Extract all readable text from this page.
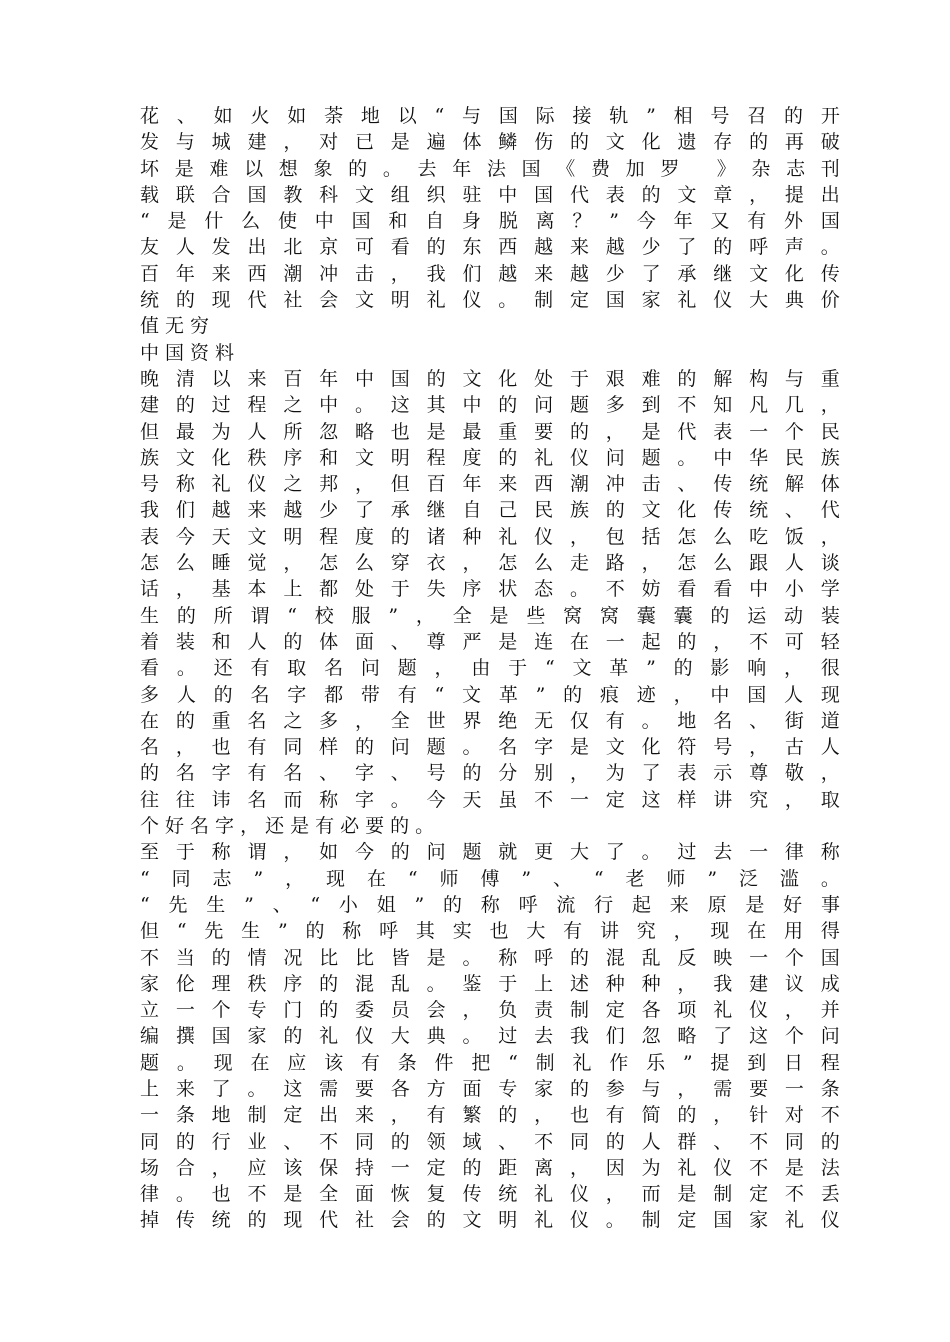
花 、 如 火 如 荼 地 以 “ 与 国 际 接 轨 ” 相 号 召 的 开
发 与 城 建 ， 对 已 是 遍 体 鳞 伤 的 文 化 遗 存 的 再 破
坏 是 难 以 想 象 的 。 去 年 法 国 《 费 加 罗
》 杂 志 刊
载 联 合 国 教 科 文 组 织 驻 中 国 代 表 的 文 章 ， 提 出
“ 是 什 么 使 中 国 和 自 身 脱 离 ？ ” 今 年 又 有 外 国
友 人 发 出 北 京 可 看 的 东 西 越 来 越 少 了 的 呼 声 。
百 年 来 西 潮 冲 击 ， 我 们 越 来 越 少 了 承 继 文 化 传
统 的 现 代 社 会 文 明 礼 仪 。 制 定 国 家 礼 仪 大 典 价
值 无 穷
中 国 资 料
晚 清 以 来 百 年 中 国 的 文 化 处 于 艰 难 的 解 构 与 重
建 的 过 程 之 中 。 这 其 中 的 问 题 多 到 不 知 凡 几 ，
但 最 为 人 所 忽 略 也 是 最 重 要 的 ， 是 代 表 一 个 民
族 文 化 秩 序 和 文 明 程 度 的 礼 仪 问 题 。 中 华 民 族
号 称 礼 仪 之 邦 ， 但 百 年 来 西 潮 冲 击 、 传 统 解 体
我 们 越 来 越 少 了 承 继 自 己 民 族 的 文 化 传 统 、 代
表 今 天 文 明 程 度 的 诸 种 礼 仪 ， 包 括 怎 么 吃 饭 ，
怎 么 睡 觉 ， 怎 么 穿 衣 ， 怎 么 走 路 ， 怎 么 跟 人 谈
话 ， 基 本 上 都 处 于 失 序 状 态 。 不 妨 看 看 中 小 学
生 的 所 谓 “ 校 服 ” ， 全 是 些 窝 窝 囊 囊 的 运 动 装
着 装 和 人 的 体 面 、 尊 严 是 连 在 一 起 的 ， 不 可 轻
看 。 还 有 取 名 问 题 ， 由 于 “ 文 革 ” 的 影 响 ， 很
多 人 的 名 字 都 带 有 “ 文 革 ” 的 痕 迹 ， 中 国 人 现
在 的 重 名 之 多 ， 全 世 界 绝 无 仅 有 。 地 名 、 街 道
名 ， 也 有 同 样 的 问 题 。 名 字 是 文 化 符 号 ， 古 人
的 名 字 有 名 、 字 、 号 的 分 别 ， 为 了 表 示 尊 敬 ，
往 往 讳 名 而 称 字 。 今 天 虽 不 一 定 这 样 讲 究 ， 取
个 好 名 字 ， 还 是 有 必 要 的 。
至 于 称 谓 ， 如 今 的 问 题 就 更 大 了 。 过 去 一 律 称
“ 同 志 ” ， 现 在 “ 师 傅 ” 、 “ 老 师 ” 泛 滥 。
“ 先 生 ” 、 “ 小 姐 ” 的 称 呼 流 行 起 来 原 是 好 事
但 “ 先 生 ” 的 称 呼 其 实 也 大 有 讲 究 ， 现 在 用 得
不 当 的 情 况 比 比 皆 是 。 称 呼 的 混 乱 反 映 一 个 国
家 伦 理 秩 序 的 混 乱 。 鉴 于 上 述 种 种 ， 我 建 议 成
立 一 个 专 门 的 委 员 会 ， 负 责 制 定 各 项 礼 仪 ， 并
编 撰 国 家 的 礼 仪 大 典 。 过 去 我 们 忽 略 了 这 个 问
题 。 现 在 应 该 有 条 件 把 “ 制 礼 作 乐 ” 提 到 日 程
上 来 了 。 这 需 要 各 方 面 专 家 的 参 与 ， 需 要 一 条
一 条 地 制 定 出 来 ， 有 繁 的 ， 也 有 简 的 ， 针 对 不
同 的 行 业 、 不 同 的 领 域 、 不 同 的 人 群 、 不 同 的
场 合 ， 应 该 保 持 一 定 的 距 离 ， 因 为 礼 仪 不 是 法
律 。 也 不 是 全 面 恢 复 传 统 礼 仪 ， 而 是 制 定 不 丢
掉 传 统 的 现 代 社 会 的 文 明 礼 仪 。 制 定 国 家 礼 仪
